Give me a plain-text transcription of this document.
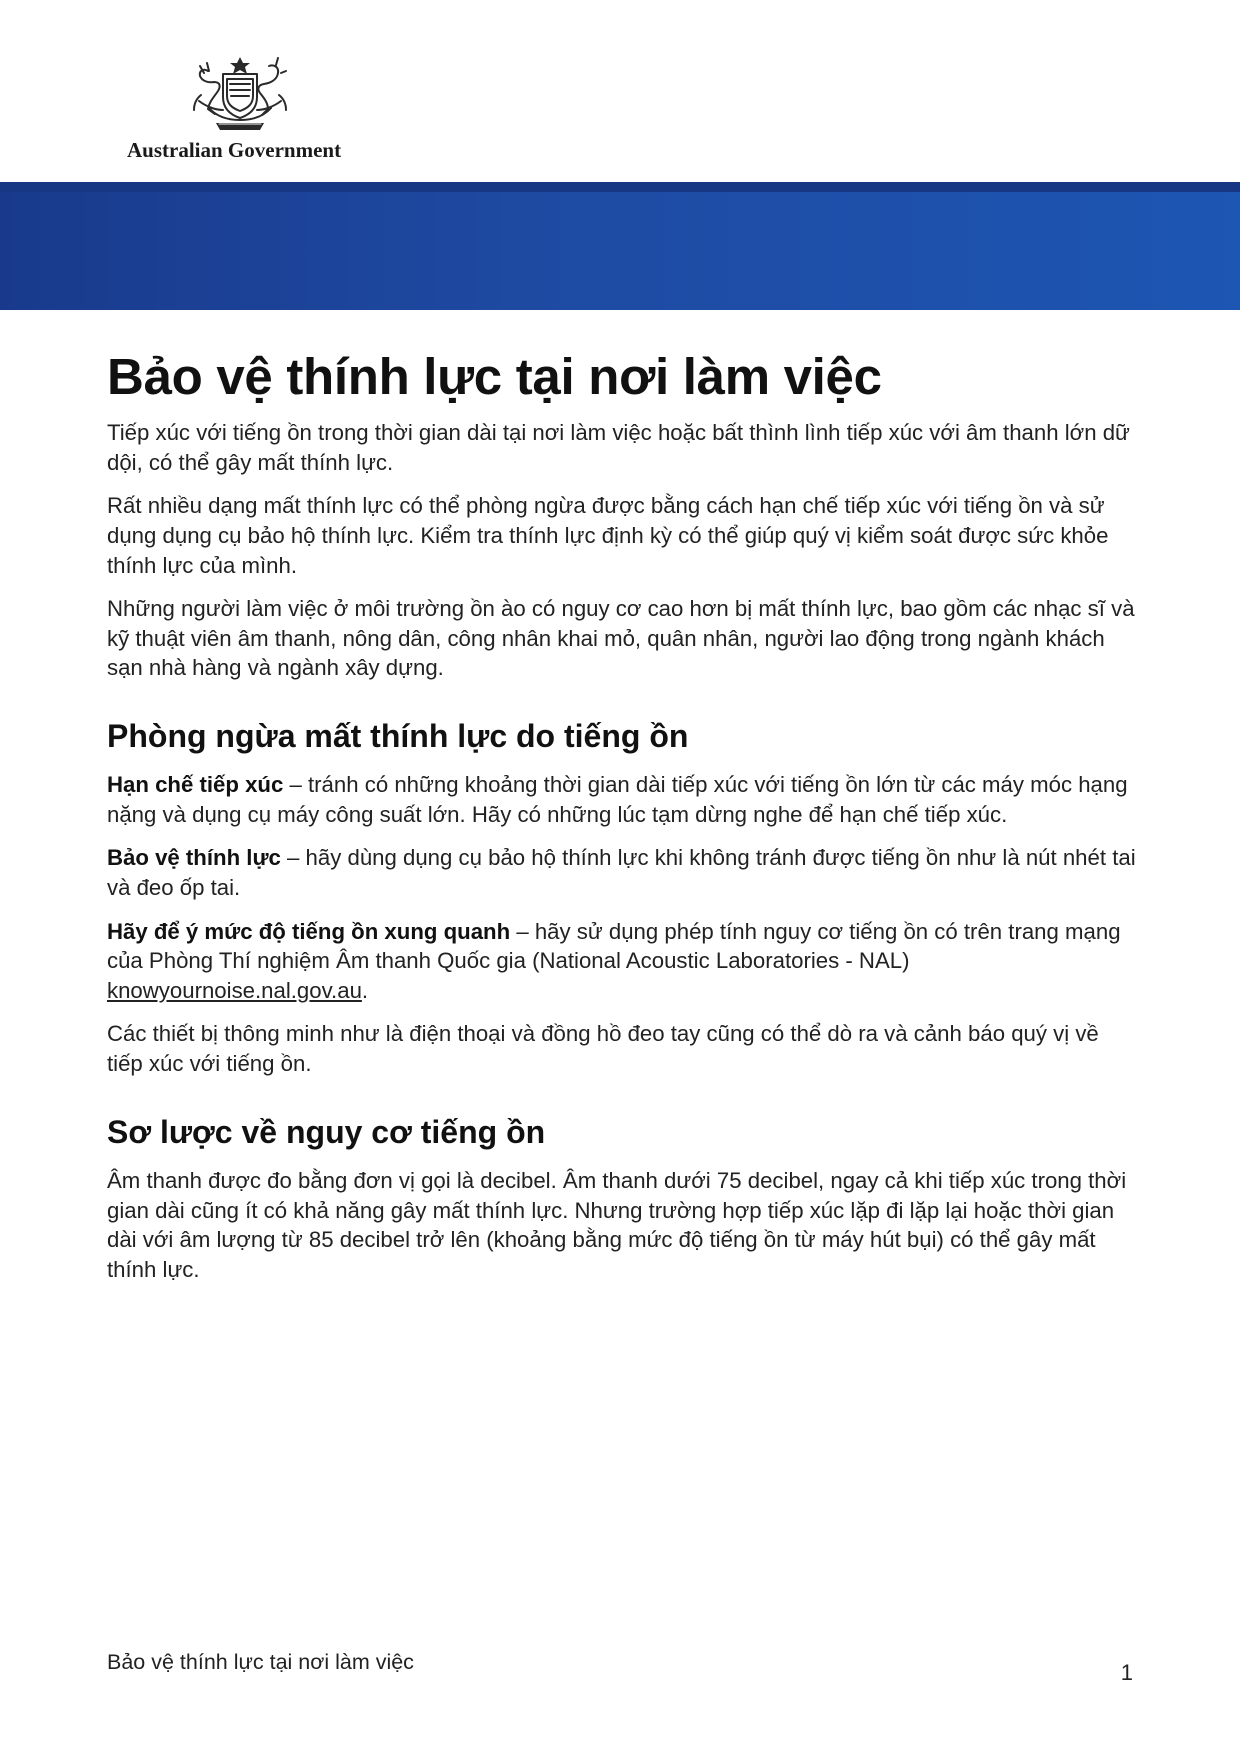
Australian Government
Bảo vệ thính lực tại nơi làm việc

Tiếp xúc với tiếng ồn trong thời gian dài tại nơi làm việc hoặc bất thình lình tiếp xúc với âm thanh lớn dữ dội, có thể gây mất thính lực.

Rất nhiều dạng mất thính lực có thể phòng ngừa được bằng cách hạn chế tiếp xúc với tiếng ồn và sử dụng dụng cụ bảo hộ thính lực. Kiểm tra thính lực định kỳ có thể giúp quý vị kiểm soát được sức khỏe thính lực của mình.

Những người làm việc ở môi trường ồn ào có nguy cơ cao hơn bị mất thính lực, bao gồm các nhạc sĩ và kỹ thuật viên âm thanh, nông dân, công nhân khai mỏ, quân nhân, người lao động trong ngành khách sạn nhà hàng và ngành xây dựng.

Phòng ngừa mất thính lực do tiếng ồn

Hạn chế tiếp xúc – tránh có những khoảng thời gian dài tiếp xúc với tiếng ồn lớn từ các máy móc hạng nặng và dụng cụ máy công suất lớn. Hãy có những lúc tạm dừng nghe để hạn chế tiếp xúc.

Bảo vệ thính lực – hãy dùng dụng cụ bảo hộ thính lực khi không tránh được tiếng ồn như là nút nhét tai và đeo ốp tai.

Hãy để ý mức độ tiếng ồn xung quanh – hãy sử dụng phép tính nguy cơ tiếng ồn có trên trang mạng của Phòng Thí nghiệm Âm thanh Quốc gia (National Acoustic Laboratories - NAL) knowyournoise.nal.gov.au.

Các thiết bị thông minh như là điện thoại và đồng hồ đeo tay cũng có thể dò ra và cảnh báo quý vị về tiếp xúc với tiếng ồn.

Sơ lược về nguy cơ tiếng ồn

Âm thanh được đo bằng đơn vị gọi là decibel. Âm thanh dưới 75 decibel, ngay cả khi tiếp xúc trong thời gian dài cũng ít có khả năng gây mất thính lực. Nhưng trường hợp tiếp xúc lặp đi lặp lại hoặc thời gian dài với âm lượng từ 85 decibel trở lên (khoảng bằng mức độ tiếng ồn từ máy hút bụi) có thể gây mất thính lực.

Bảo vệ thính lực tại nơi làm việc	1
